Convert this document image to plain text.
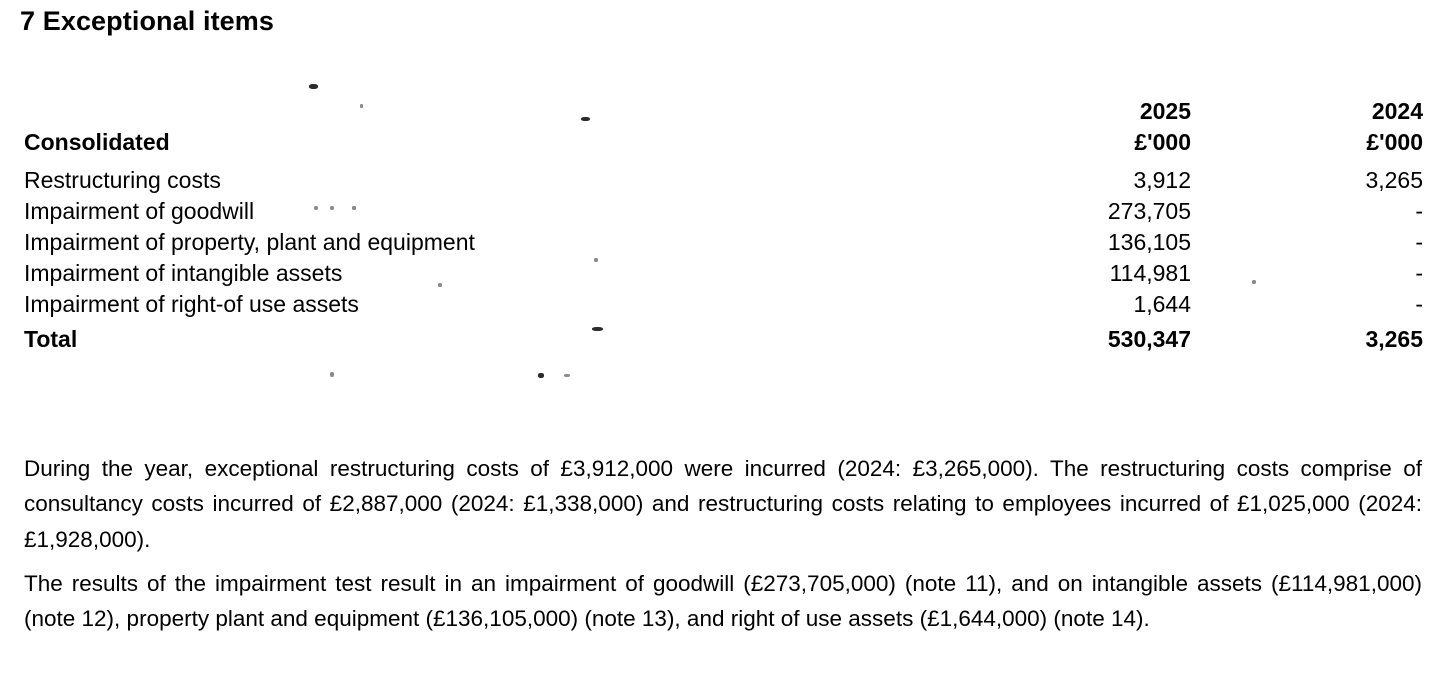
7 Exceptional items
	2025	2024
Consolidated	£'000	£'000

Restructuring costs	3,912	3,265
Impairment of goodwill	273,705	-
Impairment of property, plant and equipment	136,105	-
Impairment of intangible assets	114,981	-
Impairment of right-of use assets	1,644	-

Total	530,347	3,265

During the year, exceptional restructuring costs of £3,912,000 were incurred (2024: £3,265,000). The restructuring costs comprise of consultancy costs incurred of £2,887,000 (2024: £1,338,000) and restructuring costs relating to employees incurred of £1,025,000 (2024: £1,928,000).

The results of the impairment test result in an impairment of goodwill (£273,705,000) (note 11), and on intangible assets (£114,981,000) (note 12), property plant and equipment (£136,105,000) (note 13), and right of use assets (£1,644,000) (note 14).
